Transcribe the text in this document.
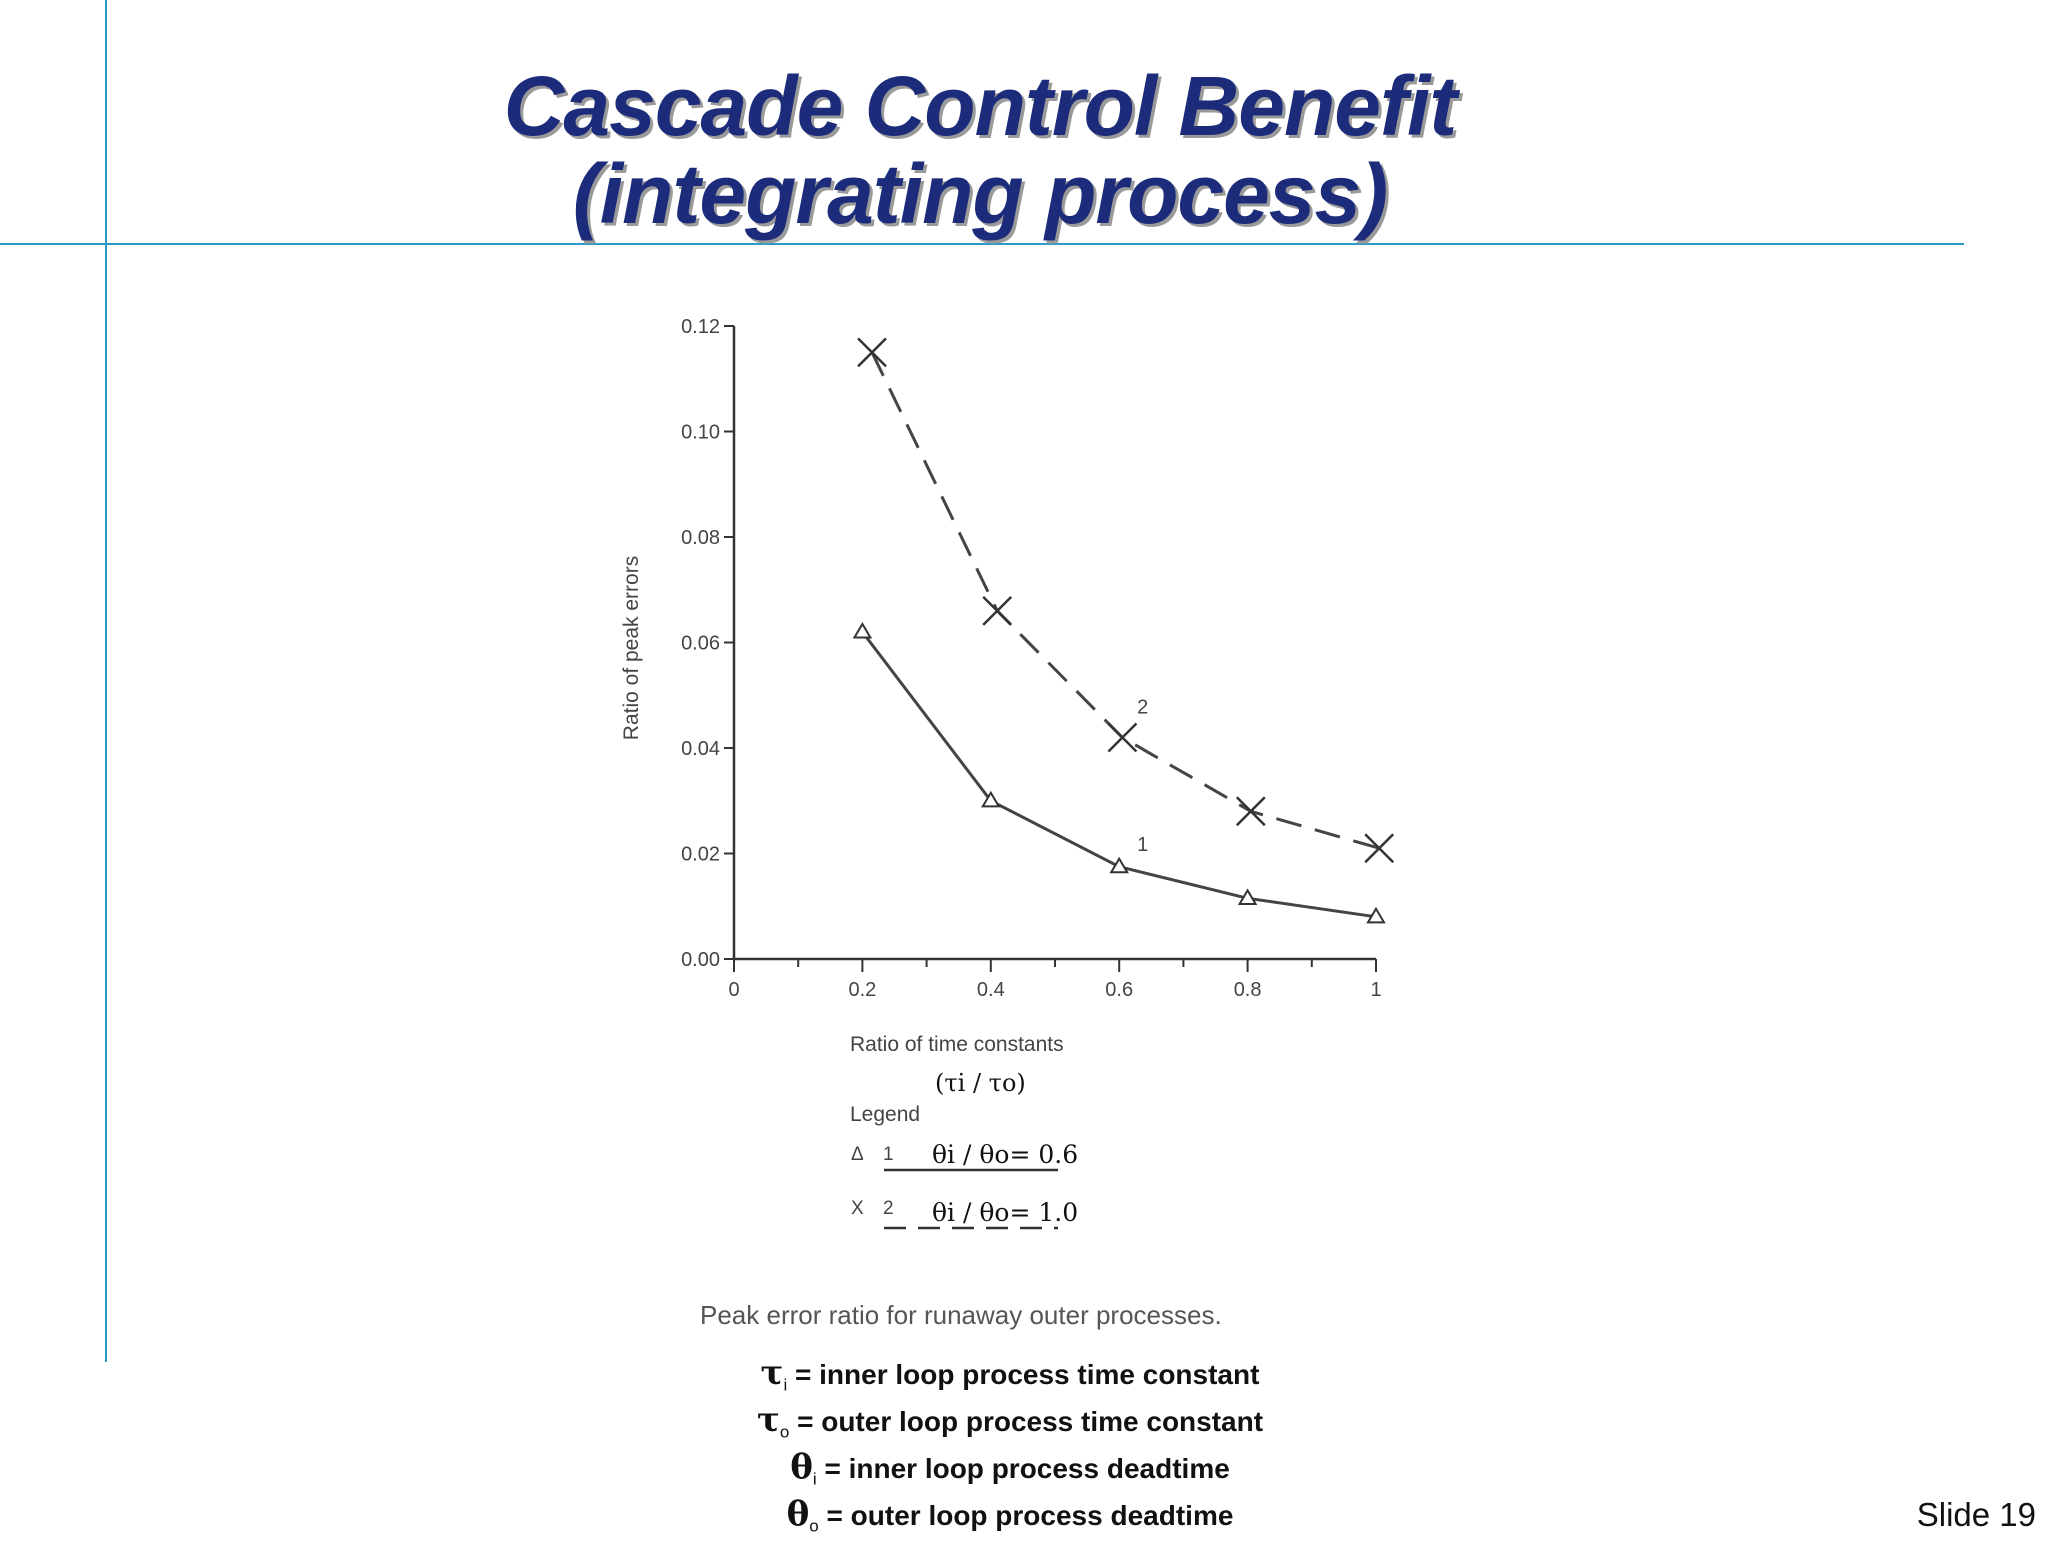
Cascade Control Benefit
(integrating process)
0.00
0.02
0.04
0.06
0.08
0.10
0.12
0	0.2	0.4	0.6	0.8	1
Ratio of peak errors
Ratio of time constants
(τi / τo)
1
2
Legend
Δ 1 θi / θo= 0.6
X 2 θi / θo= 1.0
Peak error ratio for runaway outer processes.
$\tau_i$ = inner loop process time constant
$\tau_o$ = outer loop process time constant
$\theta_i$ = inner loop process deadtime
$\theta_o$ = outer loop process deadtime	Slide 19
